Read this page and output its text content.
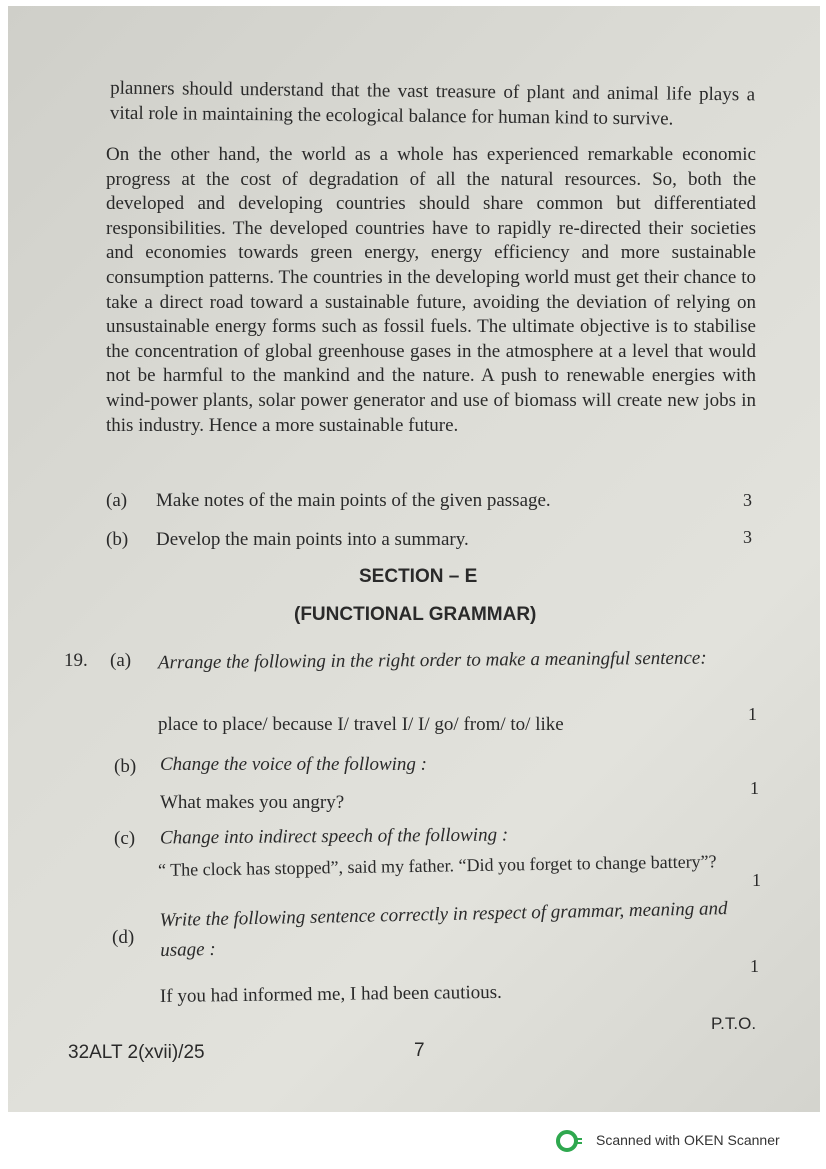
planners should understand that the vast treasure of plant and animal life plays a vital role in maintaining the ecological balance for human kind to survive.
On the other hand, the world as a whole has experienced remarkable economic progress at the cost of degradation of all the natural resources. So, both the developed and developing countries should share common but differentiated responsibilities. The developed countries have to rapidly re-directed their societies and economies towards green energy, energy efficiency and more sustainable consumption patterns. The countries in the developing world must get their chance to take a direct road toward a sustainable future, avoiding the deviation of relying on unsustainable energy forms such as fossil fuels. The ultimate objective is to stabilise the concentration of global greenhouse gases in the atmosphere at a level that would not be harmful to the mankind and the nature. A push to renewable energies with wind-power plants, solar power generator and use of biomass will create new jobs in this industry. Hence a more sustainable future.
(a) Make notes of the main points of the given passage.	3
(b) Develop the main points into a summary.	3
SECTION – E
(FUNCTIONAL GRAMMAR)
19. (a) Arrange the following in the right order to make a meaningful sentence:
place to place/ because I/ travel I/ I/ go/ from/ to/ like	1
(b) Change the voice of the following :
What makes you angry?
1
(c) Change into indirect speech of the following :
“ The clock has stopped”, said my father. “Did you forget to change battery”?
1
(d)
Write the following sentence correctly in respect of grammar, meaning and usage :
1
If you had informed me, I had been cautious.
P.T.O.
32ALT 2(xvii)/25	7
Scanned with OKEN Scanner
